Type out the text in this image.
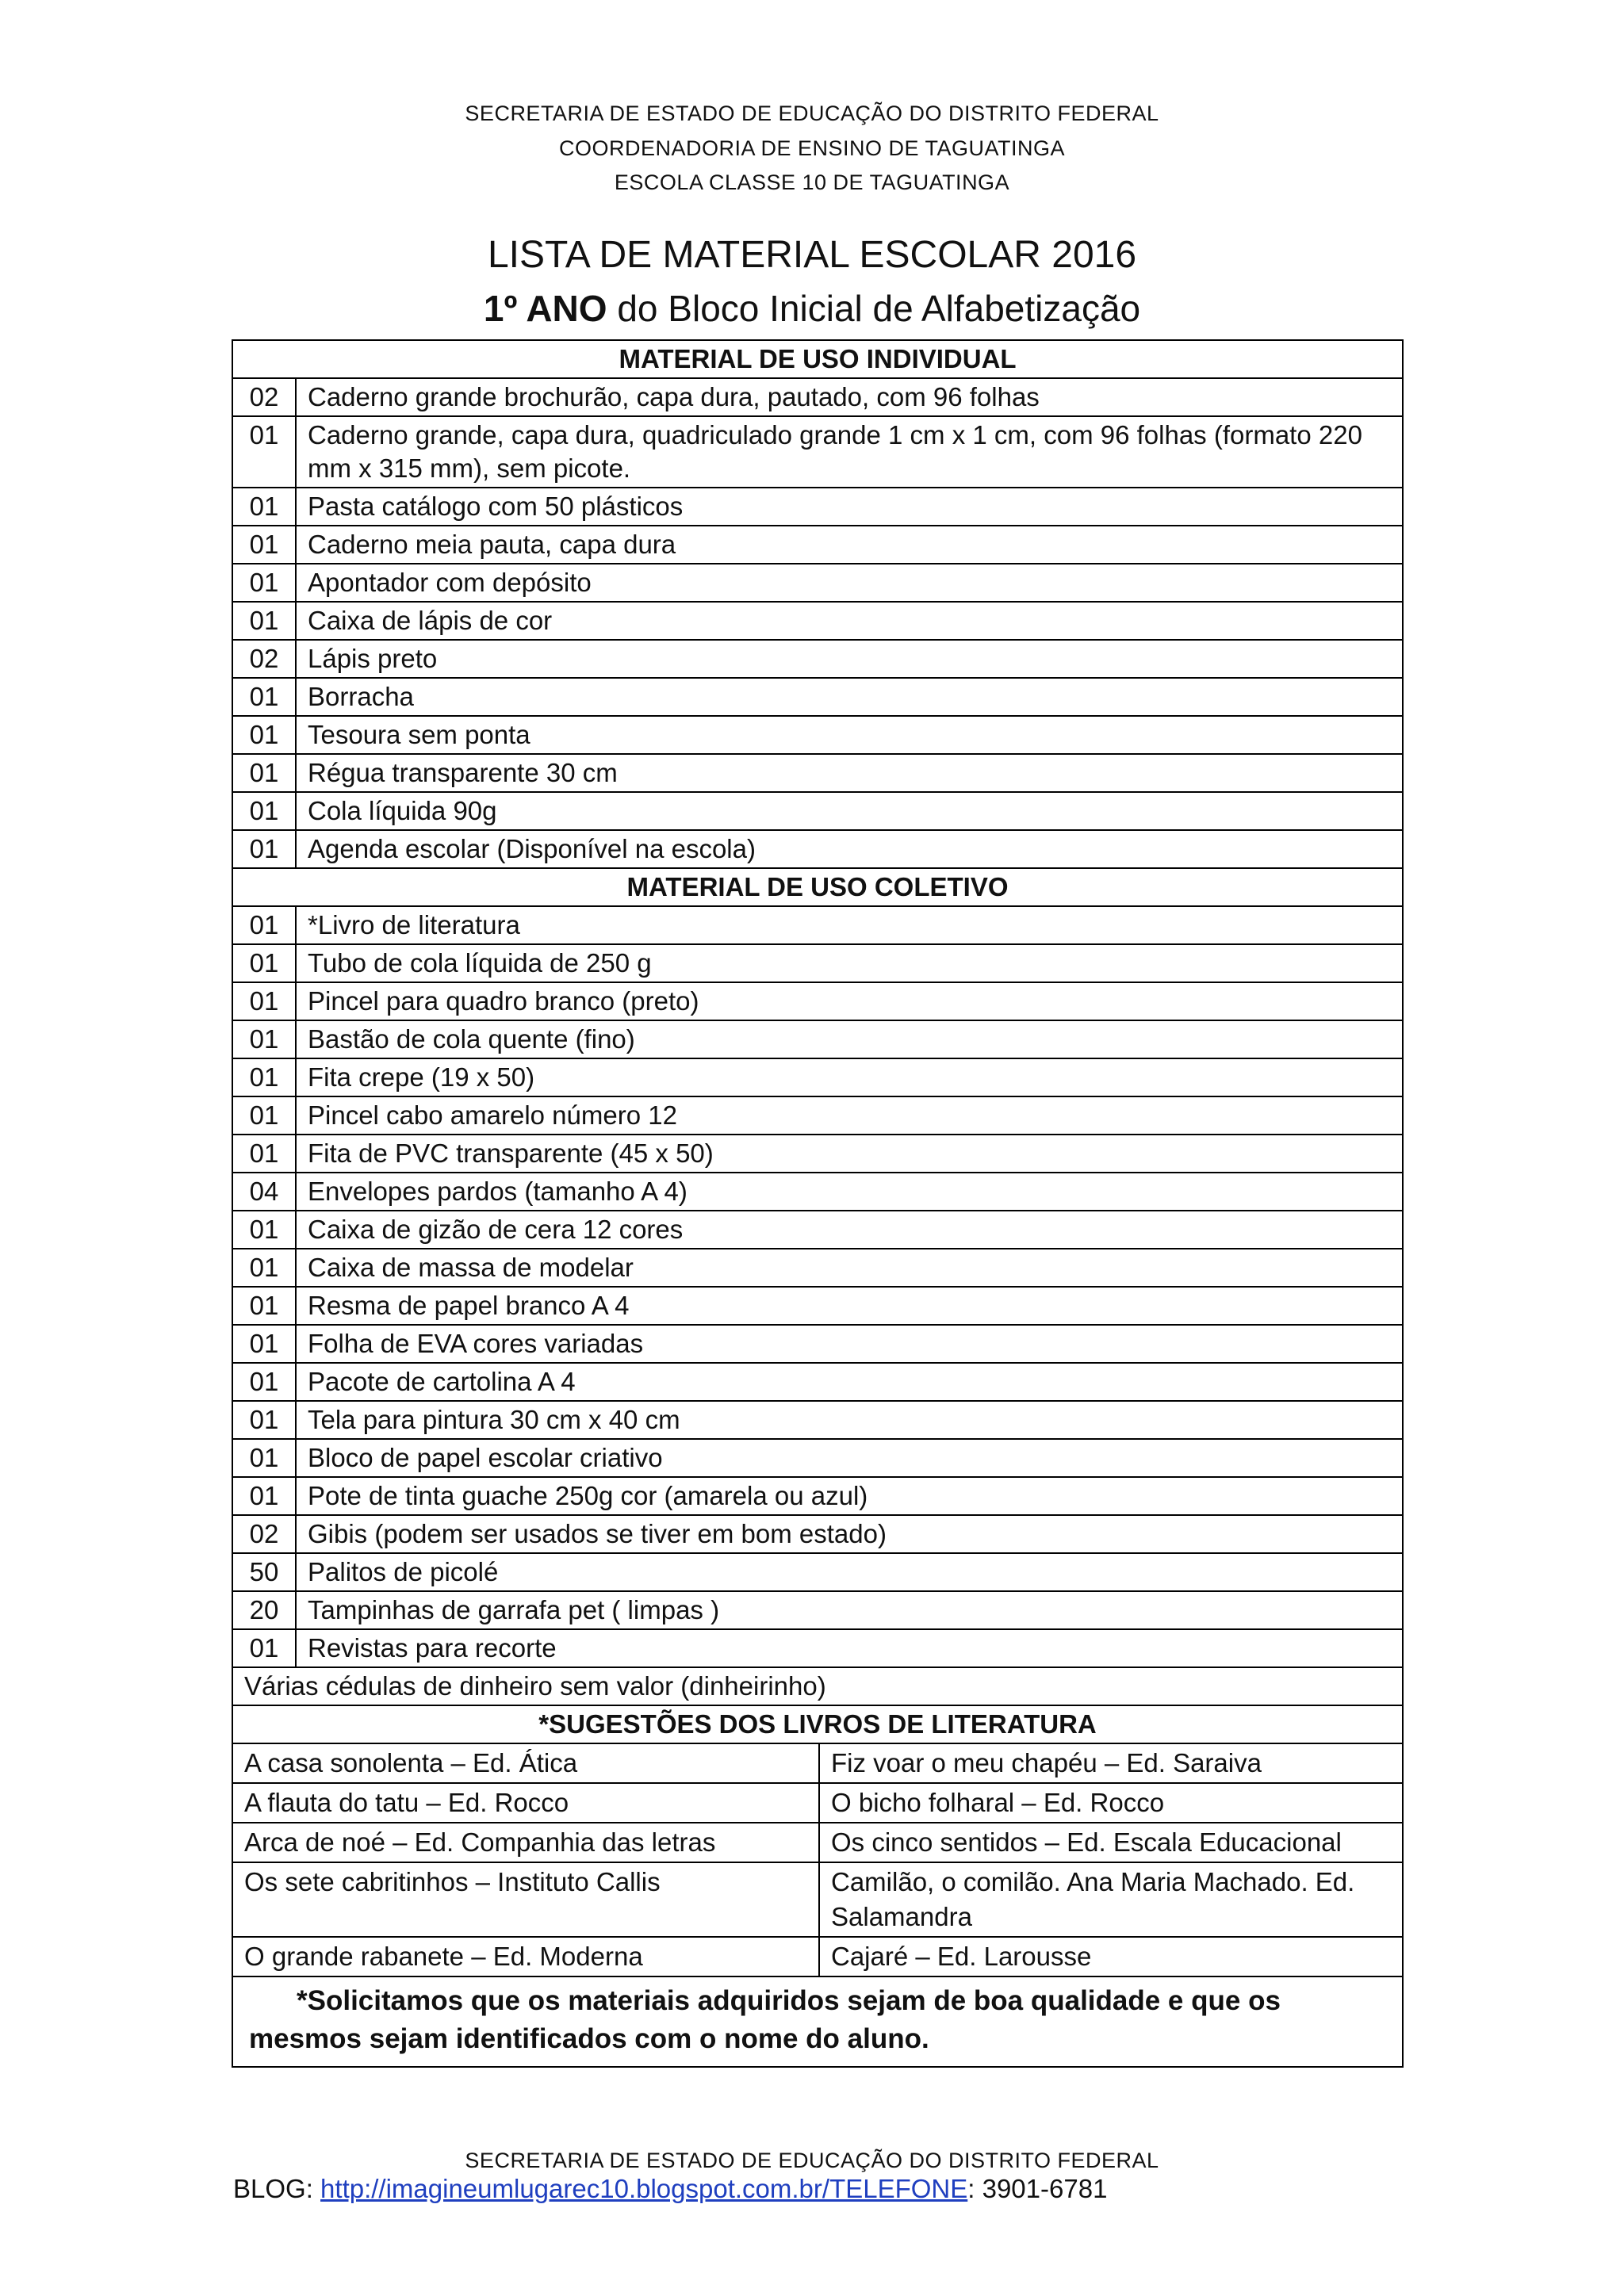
SECRETARIA DE ESTADO DE EDUCAÇÃO DO DISTRITO FEDERAL
COORDENADORIA DE ENSINO DE TAGUATINGA
ESCOLA CLASSE 10 DE TAGUATINGA
LISTA DE MATERIAL ESCOLAR 2016
1º ANO do Bloco Inicial de Alfabetização
MATERIAL DE USO INDIVIDUAL		
02	Caderno grande brochurão, capa dura, pautado, com 96 folhas	
01	Caderno grande, capa dura, quadriculado grande 1 cm x 1 cm, com 96 folhas (formato 220 mm x 315 mm), sem picote.	
01	Pasta catálogo com 50 plásticos	
01	Caderno meia pauta, capa dura	
01	Apontador com depósito	
01	Caixa de lápis de cor	
02	Lápis preto	
01	Borracha	
01	Tesoura sem ponta	
01	Régua transparente 30 cm	
01	Cola líquida 90g	
01	Agenda escolar (Disponível na escola)	
MATERIAL DE USO COLETIVO		
01	*Livro de literatura	
01	Tubo de cola líquida de 250 g	
01	Pincel para quadro branco (preto)	
01	Bastão de cola quente (fino)	
01	Fita crepe (19 x 50)	
01	Pincel cabo amarelo número 12	
01	Fita de PVC transparente (45 x 50)	
04	Envelopes pardos (tamanho A 4)	
01	Caixa de gizão de cera 12 cores	
01	Caixa de massa de modelar	
01	Resma de papel branco A 4	
01	Folha de EVA cores variadas	
01	Pacote de cartolina A 4	
01	Tela para pintura 30 cm x 40 cm	
01	Bloco de papel escolar criativo	
01	Pote de tinta guache 250g cor (amarela ou azul)	
02	Gibis (podem ser usados se tiver em bom estado)	
50	Palitos de picolé	
20	Tampinhas de garrafa pet ( limpas )	
01	Revistas para recorte	
Várias cédulas de dinheiro sem valor (dinheirinho)		
*SUGESTÕES DOS LIVROS DE LITERATURA		
A casa sonolenta – Ed. Ática		Fiz voar o meu chapéu – Ed. Saraiva
A flauta do tatu – Ed. Rocco		O bicho folharal – Ed. Rocco
Arca de noé – Ed. Companhia das letras		Os cinco sentidos – Ed. Escala Educacional
Os sete cabritinhos – Instituto Callis		Camilão, o comilão. Ana Maria Machado. Ed. Salamandra
O grande rabanete – Ed. Moderna		Cajaré – Ed. Larousse
*Solicitamos que os materiais adquiridos sejam de boa qualidade e que os mesmos sejam identificados com o nome do aluno.		
SECRETARIA DE ESTADO DE EDUCAÇÃO DO DISTRITO FEDERAL
BLOG: http://imagineumlugarec10.blogspot.com.br/TELEFONE: 3901-6781
